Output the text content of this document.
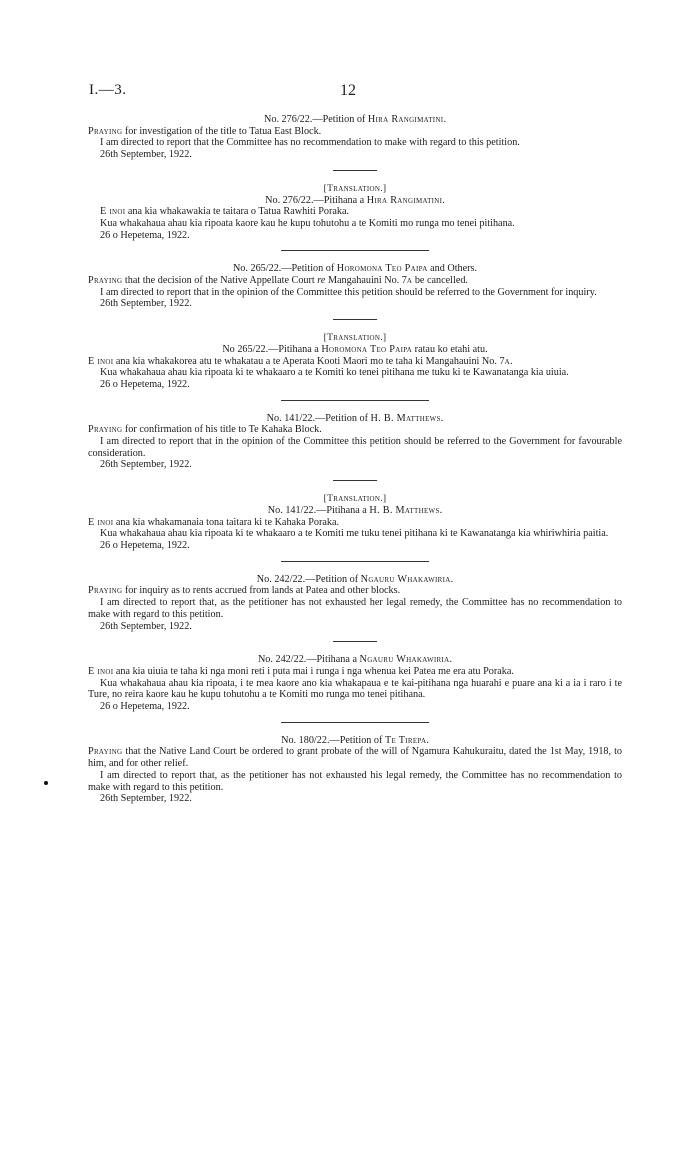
I.—3.	12

No. 276/22.—Petition of Hira Rangimatini.

Praying for investigation of the title to Tatua East Block.

I am directed to report that the Committee has no recommendation to make with regard to this petition.

26th September, 1922.

[Translation.]

No. 276/22.—Pitihana a Hira Rangimatini.

E inoi ana kia whakawakia te taitara o Tatua Rawhiti Poraka.

Kua whakahaua ahau kia ripoata kaore kau he kupu tohutohu a te Komiti mo runga mo tenei pitihana.

26 o Hepetema, 1922.

No. 265/22.—Petition of Horomona Teo Paipa and Others.

Praying that the decision of the Native Appellate Court re Mangahauini No. 7a be cancelled.

I am directed to report that in the opinion of the Committee this petition should be referred to the Government for inquiry.

26th September, 1922.

[Translation.]

No 265/22.—Pitihana a Horomona Teo Paipa ratau ko etahi atu.

E inoi ana kia whakakorea atu te whakatau a te Aperata Kooti Maori mo te taha ki Mangahauini No. 7a.

Kua whakahaua ahau kia ripoata ki te whakaaro a te Komiti ko tenei pitihana me tuku ki te Kawanatanga kia uiuia.

26 o Hepetema, 1922.

No. 141/22.—Petition of H. B. Matthews.

Praying for confirmation of his title to Te Kahaka Block.

I am directed to report that in the opinion of the Committee this petition should be referred to the Government for favourable consideration.

26th September, 1922.

[Translation.]

No. 141/22.—Pitihana a H. B. Matthews.

E inoi ana kia whakamanaia tona taitara ki te Kahaka Poraka.

Kua whakahaua ahau kia ripoata ki te whakaaro a te Komiti me tuku tenei pitihana ki te Kawanatanga kia whiriwhiria paitia.

26 o Hepetema, 1922.

No. 242/22.—Petition of Ngauru Whakawiria.

Praying for inquiry as to rents accrued from lands at Patea and other blocks.

I am directed to report that, as the petitioner has not exhausted her legal remedy, the Committee has no recommendation to make with regard to this petition.

26th September, 1922.

No. 242/22.—Pitihana a Ngauru Whakawiria.

E inoi ana kia uiuia te taha ki nga moni reti i puta mai i runga i nga whenua kei Patea me era atu Poraka.

Kua whakahaua ahau kia ripoata, i te mea kaore ano kia whakapaua e te kai-pitihana nga huarahi e puare ana ki a ia i raro i te Ture, no reira kaore kau he kupu tohutohu a te Komiti mo runga mo tenei pitihana.

26 o Hepetema, 1922.

No. 180/22.—Petition of Te Tirepa.

Praying that the Native Land Court be ordered to grant probate of the will of Ngamura Kahukuraitu, dated the 1st May, 1918, to him, and for other relief.

I am directed to report that, as the petitioner has not exhausted his legal remedy, the Committee has no recommendation to make with regard to this petition.

26th September, 1922.
